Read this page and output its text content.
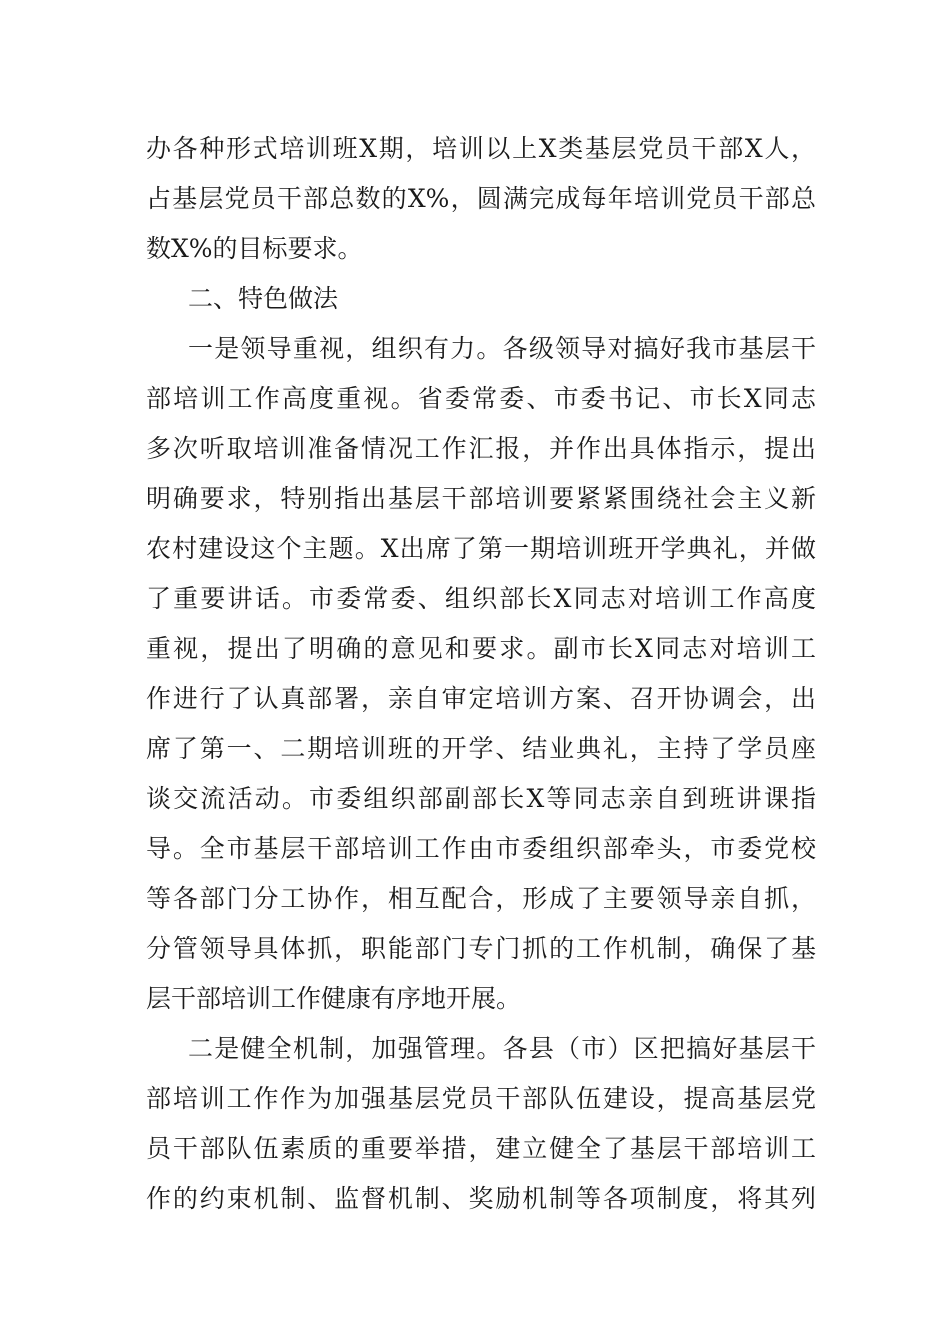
办各种形式培训班X期，培训以上X类基层党员干部X人，
占基层党员干部总数的X%，圆满完成每年培训党员干部总
数X%的目标要求。
二、特色做法
一是领导重视，组织有力。各级领导对搞好我市基层干
部培训工作高度重视。省委常委、市委书记、市长X同志
多次听取培训准备情况工作汇报，并作出具体指示，提出
明确要求，特别指出基层干部培训要紧紧围绕社会主义新
农村建设这个主题。X出席了第一期培训班开学典礼，并做
了重要讲话。市委常委、组织部长X同志对培训工作高度
重视，提出了明确的意见和要求。副市长X同志对培训工
作进行了认真部署，亲自审定培训方案、召开协调会，出
席了第一、二期培训班的开学、结业典礼，主持了学员座
谈交流活动。市委组织部副部长X等同志亲自到班讲课指
导。全市基层干部培训工作由市委组织部牵头，市委党校
等各部门分工协作，相互配合，形成了主要领导亲自抓，
分管领导具体抓，职能部门专门抓的工作机制，确保了基
层干部培训工作健康有序地开展。
二是健全机制，加强管理。各县（市）区把搞好基层干
部培训工作作为加强基层党员干部队伍建设，提高基层党
员干部队伍素质的重要举措，建立健全了基层干部培训工
作的约束机制、监督机制、奖励机制等各项制度，将其列
